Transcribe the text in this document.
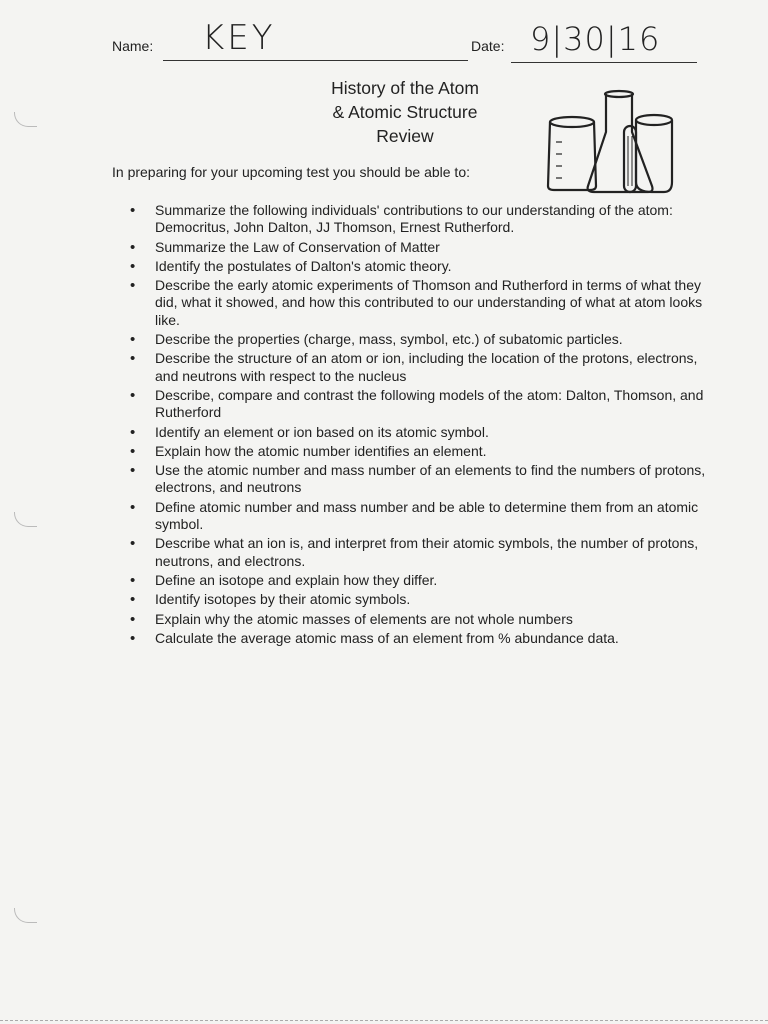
Name: KEY	Date: 9|30|16
History of the Atom
& Atomic Structure
Review
In preparing for your upcoming test you should be able to:
• Summarize the following individuals' contributions to our understanding of the atom: Democritus, John Dalton, JJ Thomson, Ernest Rutherford.
• Summarize the Law of Conservation of Matter
• Identify the postulates of Dalton's atomic theory.
• Describe the early atomic experiments of Thomson and Rutherford in terms of what they did, what it showed, and how this contributed to our understanding of what at atom looks like.
• Describe the properties (charge, mass, symbol, etc.) of subatomic particles.
• Describe the structure of an atom or ion, including the location of the protons, electrons, and neutrons with respect to the nucleus
• Describe, compare and contrast the following models of the atom: Dalton, Thomson, and Rutherford
• Identify an element or ion based on its atomic symbol.
• Explain how the atomic number identifies an element.
• Use the atomic number and mass number of an elements to find the numbers of protons, electrons, and neutrons
• Define atomic number and mass number and be able to determine them from an atomic symbol.
• Describe what an ion is, and interpret from their atomic symbols, the number of protons, neutrons, and electrons.
• Define an isotope and explain how they differ.
• Identify isotopes by their atomic symbols.
• Explain why the atomic masses of elements are not whole numbers
• Calculate the average atomic mass of an element from % abundance data.
